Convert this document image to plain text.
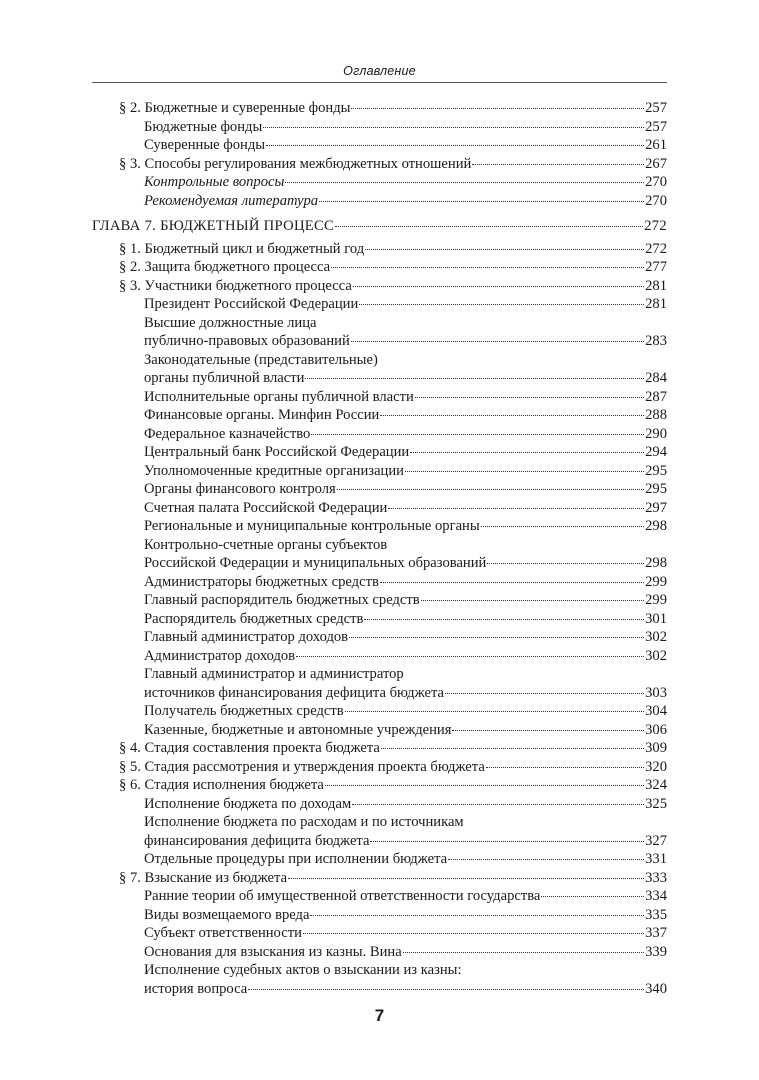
Оглавление
§ 2. Бюджетные и суверенные фонды	257
Бюджетные фонды	257
Суверенные фонды	261
§ 3. Способы регулирования межбюджетных отношений	267
Контрольные вопросы	270
Рекомендуемая литература	270
ГЛАВА 7. БЮДЖЕТНЫЙ ПРОЦЕСС	272
§ 1. Бюджетный цикл и бюджетный год	272
§ 2. Защита бюджетного процесса	277
§ 3. Участники бюджетного процесса	281
Президент Российской Федерации	281
Высшие должностные лица
публично-правовых образований	283
Законодательные (представительные)
органы публичной власти	284
Исполнительные органы публичной власти	287
Финансовые органы. Минфин России	288
Федеральное казначейство	290
Центральный банк Российской Федерации	294
Уполномоченные кредитные организации	295
Органы финансового контроля	295
Счетная палата Российской Федерации	297
Региональные и муниципальные контрольные органы	298
Контрольно-счетные органы субъектов
Российской Федерации и муниципальных образований	298
Администраторы бюджетных средств	299
Главный распорядитель бюджетных средств	299
Распорядитель бюджетных средств	301
Главный администратор доходов	302
Администратор доходов	302
Главный администратор и администратор
источников финансирования дефицита бюджета	303
Получатель бюджетных средств	304
Казенные, бюджетные и автономные учреждения	306
§ 4. Стадия составления проекта бюджета	309
§ 5. Стадия рассмотрения и утверждения проекта бюджета	320
§ 6. Стадия исполнения бюджета	324
Исполнение бюджета по доходам	325
Исполнение бюджета по расходам и по источникам
финансирования дефицита бюджета	327
Отдельные процедуры при исполнении бюджета	331
§ 7. Взыскание из бюджета	333
Ранние теории об имущественной ответственности государства	334
Виды возмещаемого вреда	335
Субъект ответственности	337
Основания для взыскания из казны. Вина	339
Исполнение судебных актов о взыскании из казны:
история вопроса	340
7
